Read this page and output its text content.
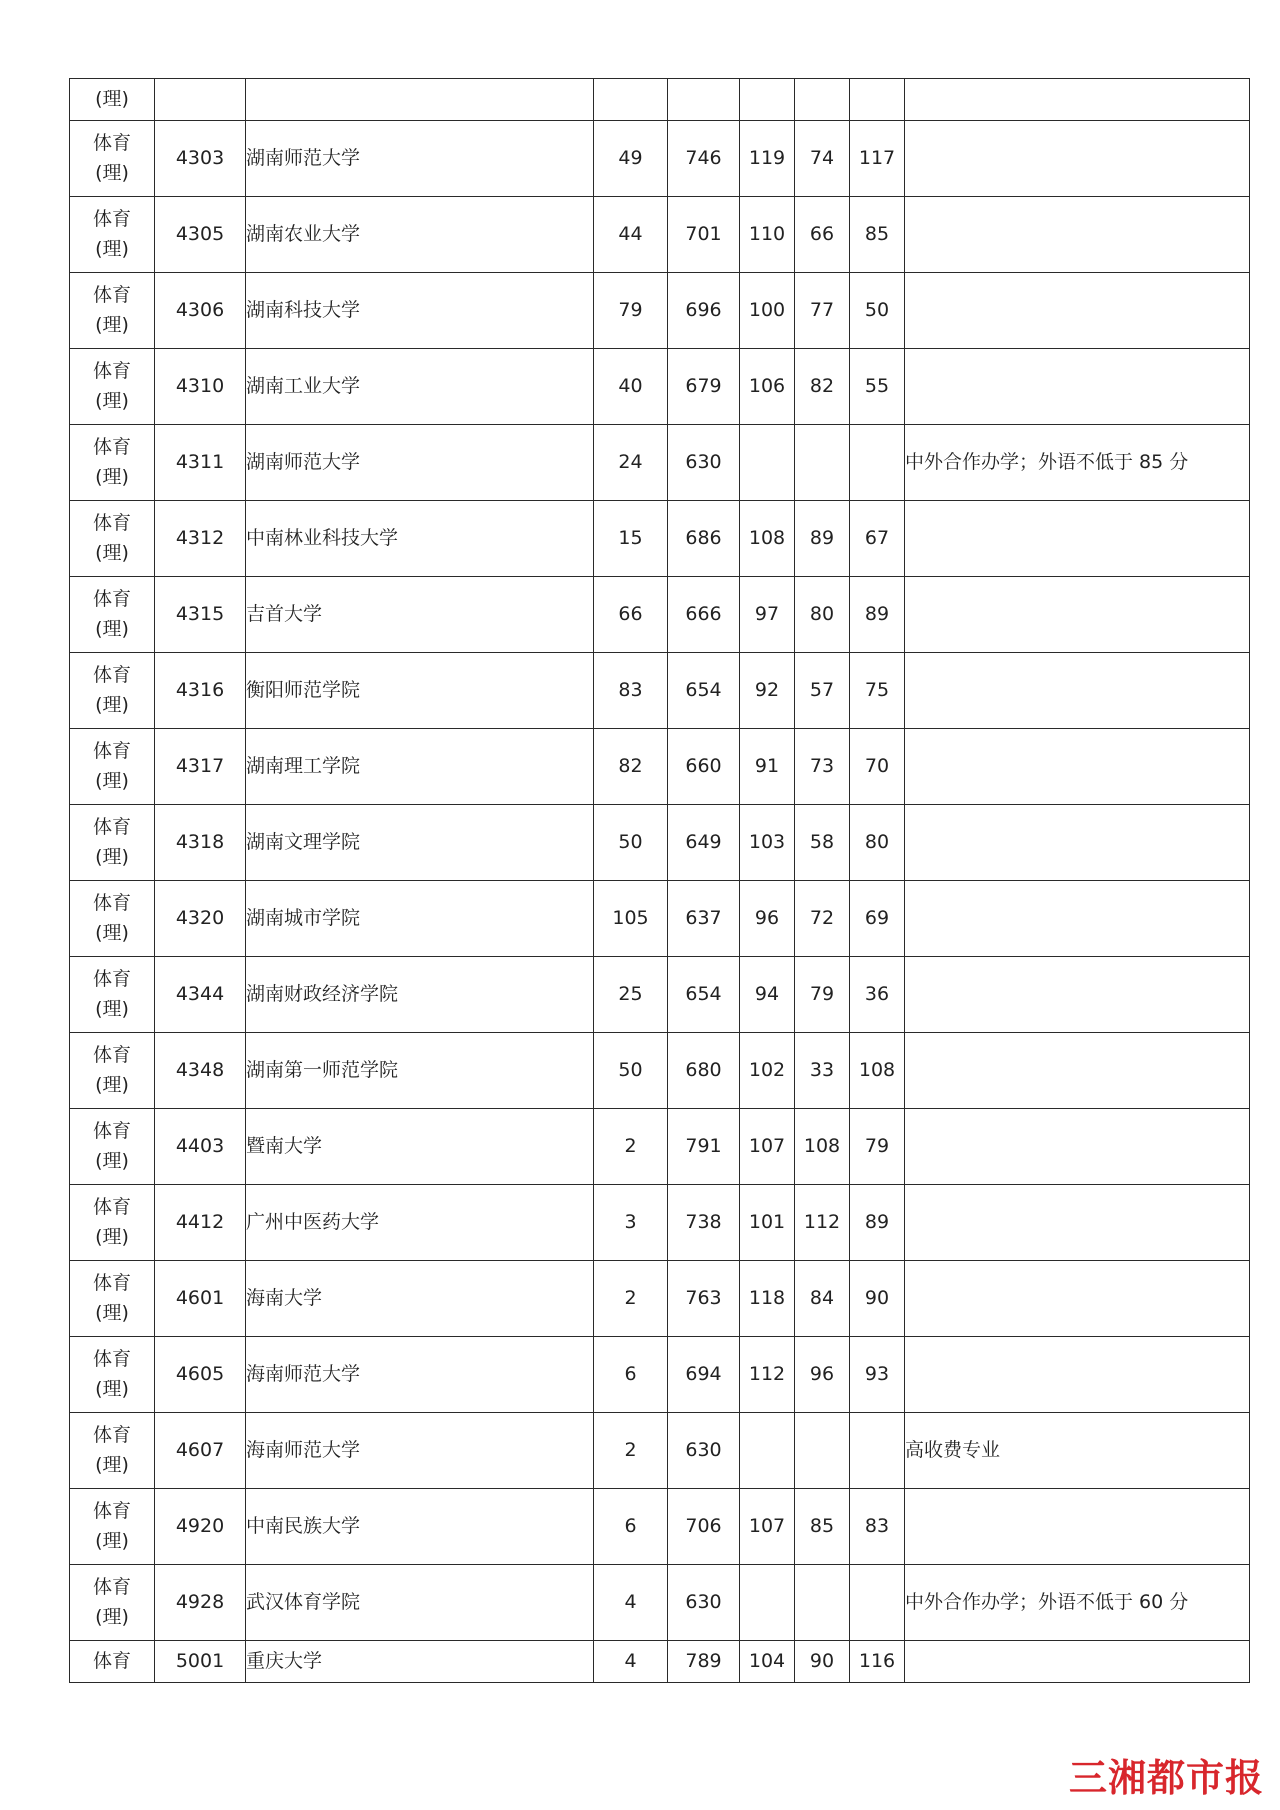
(理)								

体育
(理)	4303	湖南师范大学	49	746	119	74	117	

体育
(理)	4305	湖南农业大学	44	701	110	66	85	

体育
(理)	4306	湖南科技大学	79	696	100	77	50	

体育
(理)	4310	湖南工业大学	40	679	106	82	55	

体育
(理)	4311	湖南师范大学	24	630				中外合作办学；外语不低于 85 分

体育
(理)	4312	中南林业科技大学	15	686	108	89	67	

体育
(理)	4315	吉首大学	66	666	97	80	89	

体育
(理)	4316	衡阳师范学院	83	654	92	57	75	

体育
(理)	4317	湖南理工学院	82	660	91	73	70	

体育
(理)	4318	湖南文理学院	50	649	103	58	80	

体育
(理)	4320	湖南城市学院	105	637	96	72	69	

体育
(理)	4344	湖南财政经济学院	25	654	94	79	36	

体育
(理)	4348	湖南第一师范学院	50	680	102	33	108	

体育
(理)	4403	暨南大学	2	791	107	108	79	

体育
(理)	4412	广州中医药大学	3	738	101	112	89	

体育
(理)	4601	海南大学	2	763	118	84	90	

体育
(理)	4605	海南师范大学	6	694	112	96	93	

体育
(理)	4607	海南师范大学	2	630				高收费专业

体育
(理)	4920	中南民族大学	6	706	107	85	83	

体育
(理)	4928	武汉体育学院	4	630				中外合作办学；外语不低于 60 分
体育	5001	重庆大学	4	789	104	90	116	
三湘都市报
